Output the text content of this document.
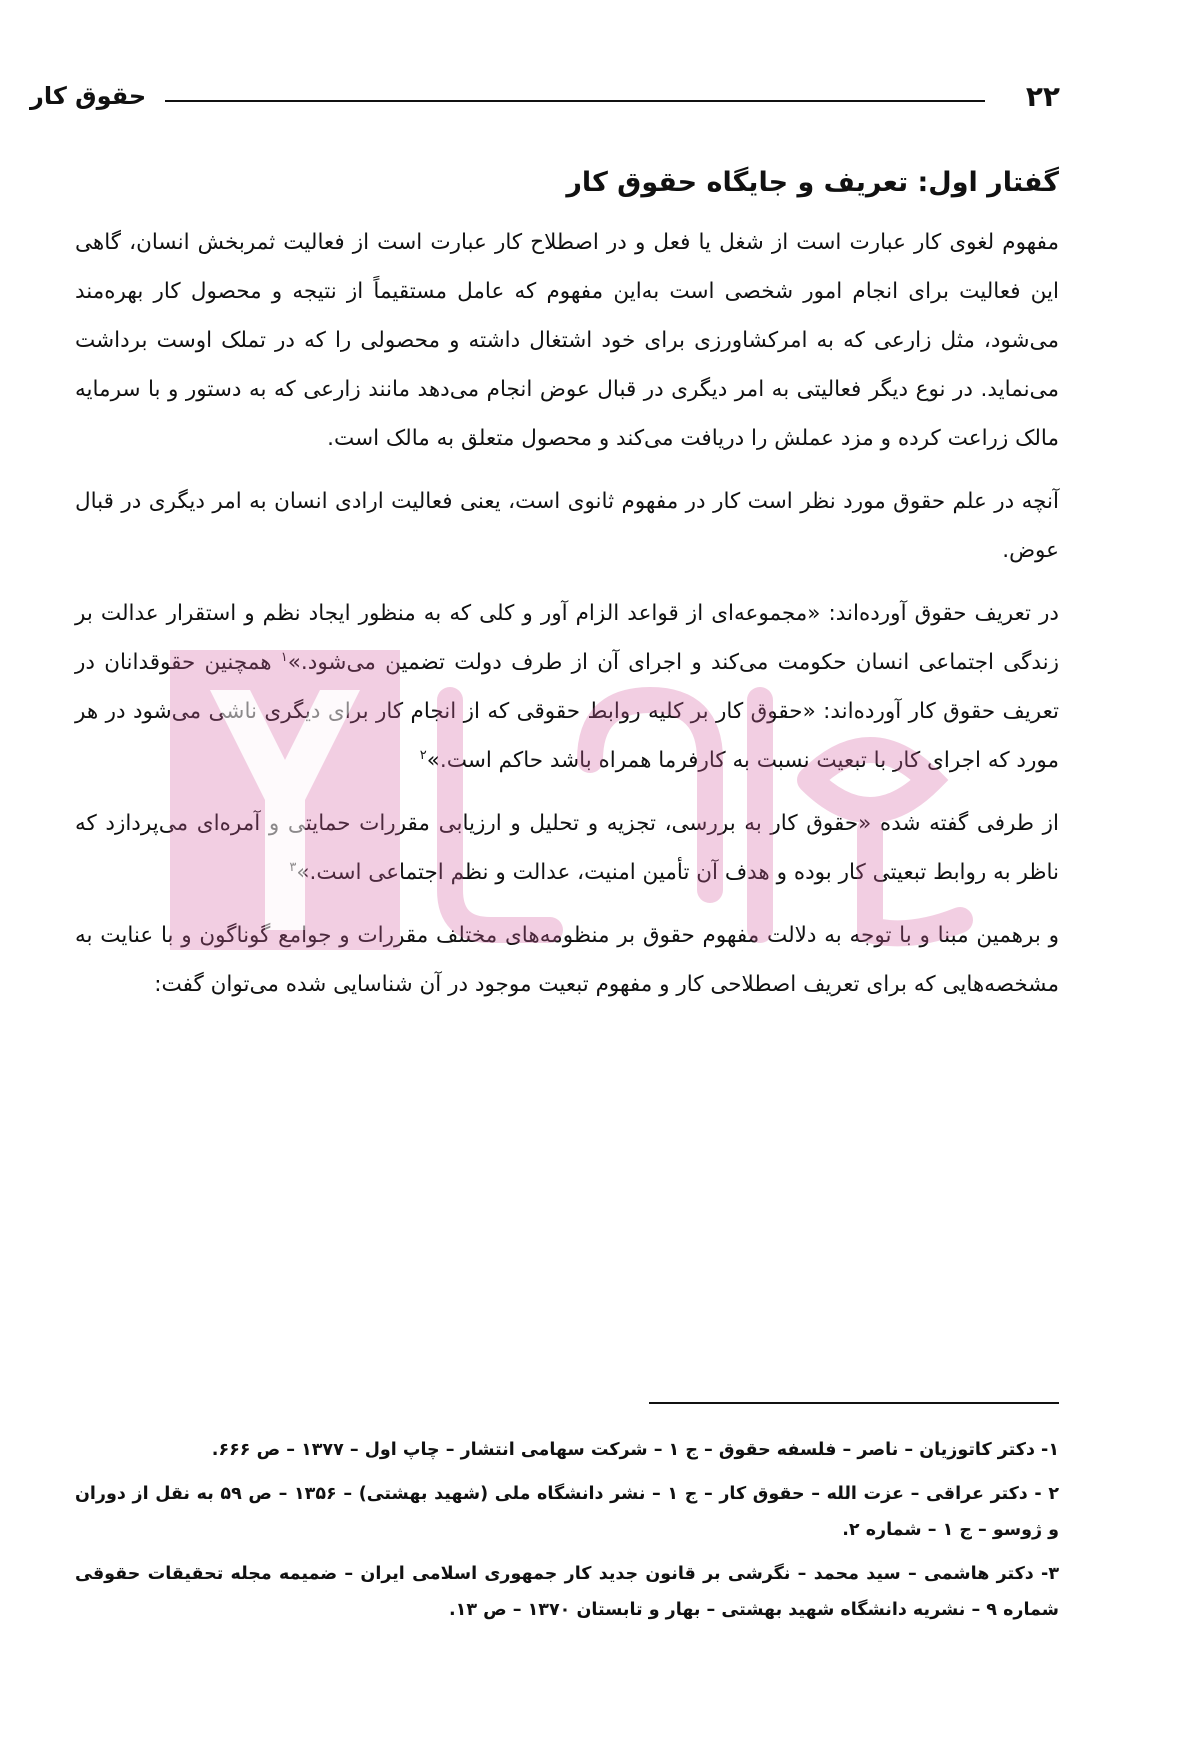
۲۲
حقوق کار
گفتار اول: تعریف و جایگاه حقوق کار

مفهوم لغوی کار عبارت است از شغل یا فعل و در اصطلاح کار عبارت است از فعالیت ثمربخش انسان، گاهی این فعالیت برای انجام امور شخصی است به‌این مفهوم که عامل مستقیماً از نتیجه و محصول کار بهره‌مند می‌شود، مثل زارعی که به امرکشاورزی برای خود اشتغال داشته و محصولی را که در تملک اوست برداشت می‌نماید. در نوع دیگر فعالیتی به امر دیگری در قبال عوض انجام می‌دهد مانند زارعی که به دستور و با سرمایه مالک زراعت کرده و مزد عملش را دریافت می‌کند و محصول متعلق به مالک است.

آنچه در علم حقوق مورد نظر است کار در مفهوم ثانوی است، یعنی فعالیت ارادی انسان به امر دیگری در قبال عوض.

در تعریف حقوق آورده‌اند: «مجموعه‌ای از قواعد الزام آور و کلی که به منظور ایجاد نظم و استقرار عدالت بر زندگی اجتماعی انسان حکومت می‌کند و اجرای آن از طرف دولت تضمین می‌شود.»$^۱$ همچنین حقوقدانان در تعریف حقوق کار آورده‌اند: «حقوق کار بر کلیه روابط حقوقی که از انجام کار برای دیگری ناشی می‌شود در هر مورد که اجرای کار با تبعیت نسبت به کارفرما همراه باشد حاکم است.»$^۲$

از طرفی گفته شده «حقوق کار به بررسی، تجزیه و تحلیل و ارزیابی مقررات حمایتی و آمره‌ای می‌پردازد که ناظر به روابط تبعیتی کار بوده و هدف آن تأمین امنیت، عدالت و نظم اجتماعی است.»$^۳$

و برهمین مبنا و با توجه به دلالت مفهوم حقوق بر منظومه‌های مختلف مقررات و جوامع گوناگون و با عنایت به مشخصه‌هایی که برای تعریف اصطلاحی کار و مفهوم تبعیت موجود در آن شناسایی شده می‌توان گفت:

۱- دکتر کاتوزیان – ناصر – فلسفه حقوق – ج ۱ – شرکت سهامی انتشار – چاپ اول – ۱۳۷۷ – ص ۶۶۶.

۲ - دکتر عراقی – عزت الله – حقوق کار – ج ۱ – نشر دانشگاه ملی (شهید بهشتی) – ۱۳۵۶ – ص ۵۹ به نقل از دوران و ژوسو – ج ۱ – شماره ۲.

۳- دکتر هاشمی – سید محمد – نگرشی بر قانون جدید کار جمهوری اسلامی ایران – ضمیمه مجله تحقیقات حقوقی شماره ۹ – نشریه دانشگاه شهید بهشتی – بهار و تابستان ۱۳۷۰ – ص ۱۳.
